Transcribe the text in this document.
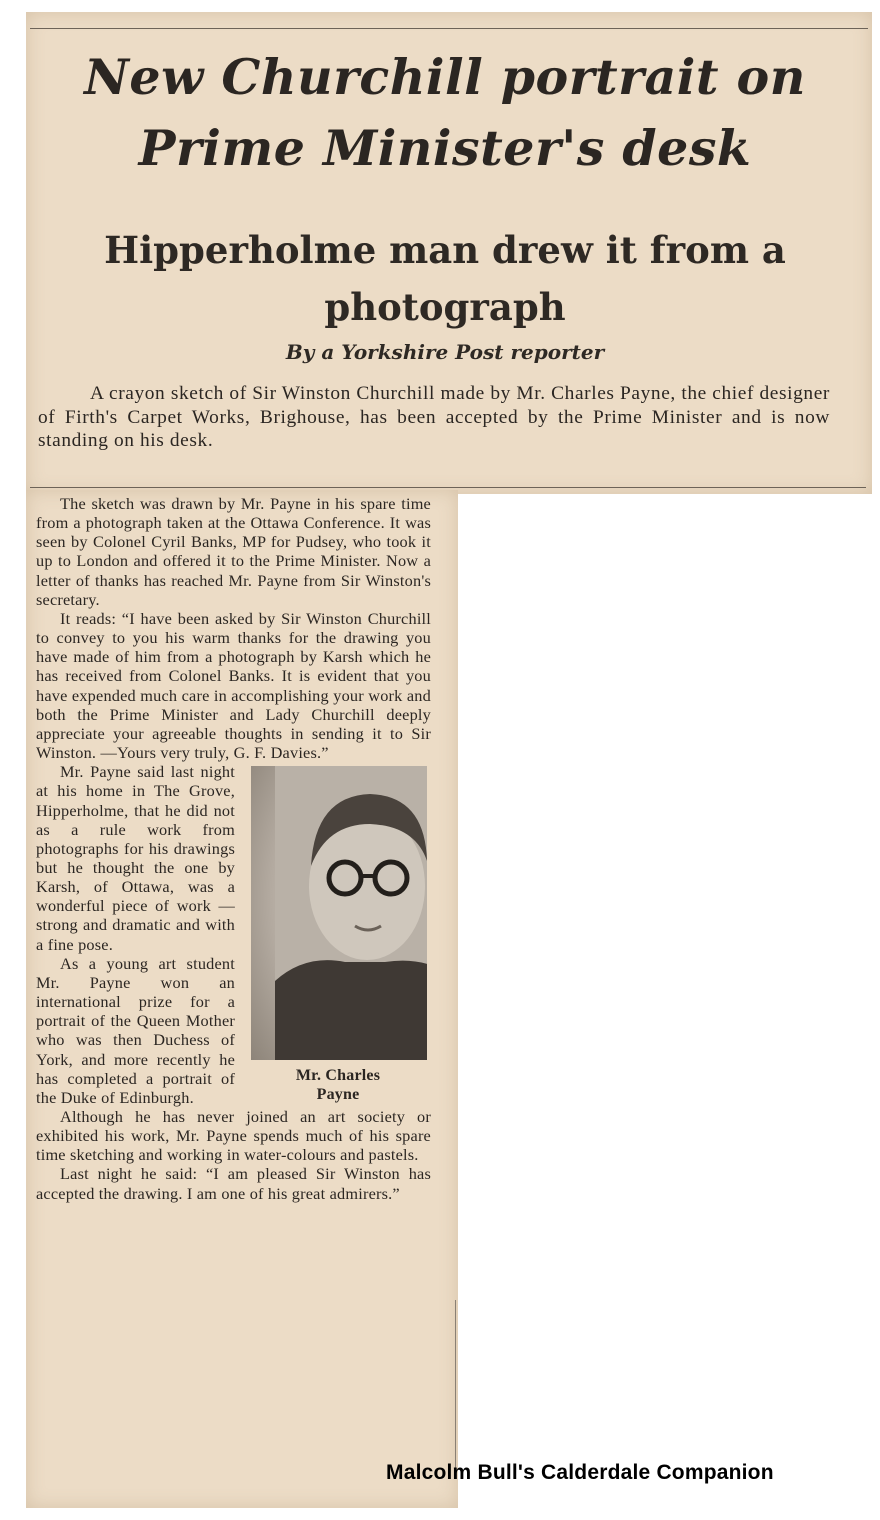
New Churchill portrait on
Prime Minister's desk
Hipperholme man drew it from a
photograph
By a Yorkshire Post reporter
A crayon sketch of Sir Winston Churchill made by Mr. Charles Payne, the chief designer of Firth's Carpet Works, Brighouse, has been accepted by the Prime Minister and is now standing on his desk.

The sketch was drawn by Mr. Payne in his spare time from a photograph taken at the Ottawa Conference. It was seen by Colonel Cyril Banks, MP for Pudsey, who took it up to London and offered it to the Prime Minister. Now a letter of thanks has reached Mr. Payne from Sir Winston's secretary.

It reads: “I have been asked by Sir Winston Churchill to convey to you his warm thanks for the drawing you have made of him from a photograph by Karsh which he has received from Colonel Banks. It is evident that you have expended much care in accomplishing your work and both the Prime Minister and Lady Churchill deeply appreciate your agreeable thoughts in sending it to Sir Winston. —Yours very truly, G. F. Davies.”

Mr. Charles
Payne
Mr. Payne said last night at his home in The Grove, Hipperholme, that he did not as a rule work from photographs for his drawings but he thought the one by Karsh, of Ottawa, was a wonderful piece of work — strong and dramatic and with a fine pose.

As a young art student Mr. Payne won an international prize for a portrait of the Queen Mother who was then Duchess of York, and more recently he has completed a portrait of the Duke of Edinburgh.

Although he has never joined an art society or exhibited his work, Mr. Payne spends much of his spare time sketching and working in water-colours and pastels.

Last night he said: “I am pleased Sir Winston has accepted the drawing. I am one of his great admirers.”

Malcolm Bull's Calderdale Companion
